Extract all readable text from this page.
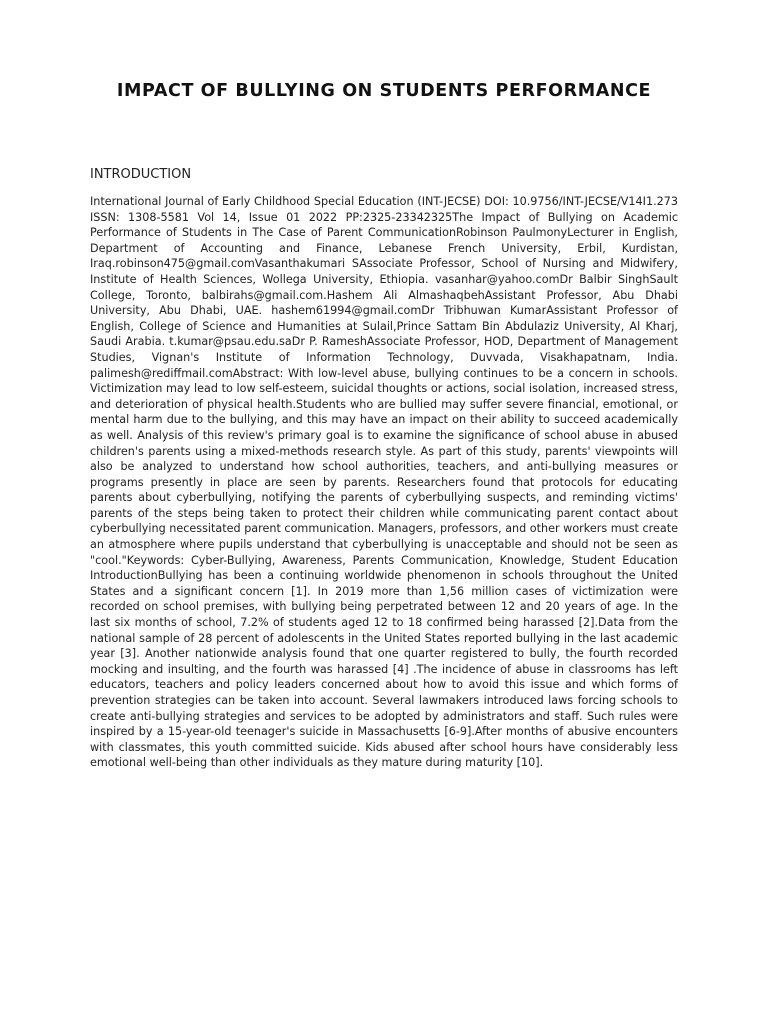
IMPACT OF BULLYING ON STUDENTS PERFORMANCE
INTRODUCTION

International Journal of Early Childhood Special Education (INT-JECSE) DOI: 10.9756/INT-JECSE/V14I1.273 ISSN: 1308-5581 Vol 14, Issue 01 2022 PP:2325-23342325The Impact of Bullying on Academic Performance of Students in The Case of Parent CommunicationRobinson PaulmonyLecturer in English, Department of Accounting and Finance, Lebanese French University, Erbil, Kurdistan, Iraq.robinson475@gmail.comVasanthakumari SAssociate Professor, School of Nursing and Midwifery, Institute of Health Sciences, Wollega University, Ethiopia. vasanhar@yahoo.comDr Balbir SinghSault College, Toronto, balbirahs@gmail.com.Hashem Ali AlmashaqbehAssistant Professor, Abu Dhabi University, Abu Dhabi, UAE. hashem61994@gmail.comDr Tribhuwan KumarAssistant Professor of English, College of Science and Humanities at Sulail,Prince Sattam Bin Abdulaziz University, Al Kharj, Saudi Arabia. t.kumar@psau.edu.saDr P. RameshAssociate Professor, HOD, Department of Management Studies, Vignan's Institute of Information Technology, Duvvada, Visakhapatnam, India. palimesh@rediffmail.comAbstract: With low-level abuse, bullying continues to be a concern in schools. Victimization may lead to low self-esteem, suicidal thoughts or actions, social isolation, increased stress, and deterioration of physical health.Students who are bullied may suffer severe financial, emotional, or mental harm due to the bullying, and this may have an impact on their ability to succeed academically as well. Analysis of this review's primary goal is to examine the significance of school abuse in abused children's parents using a mixed-methods research style. As part of this study, parents' viewpoints will also be analyzed to understand how school authorities, teachers, and anti-bullying measures or programs presently in place are seen by parents. Researchers found that protocols for educating parents about cyberbullying, notifying the parents of cyberbullying suspects, and reminding victims' parents of the steps being taken to protect their children while communicating parent contact about cyberbullying necessitated parent communication. Managers, professors, and other workers must create an atmosphere where pupils understand that cyberbullying is unacceptable and should not be seen as "cool."Keywords: Cyber-Bullying, Awareness, Parents Communication, Knowledge, Student Education IntroductionBullying has been a continuing worldwide phenomenon in schools throughout the United States and a significant concern [1]. In 2019 more than 1,56 million cases of victimization were recorded on school premises, with bullying being perpetrated between 12 and 20 years of age. In the last six months of school, 7.2% of students aged 12 to 18 confirmed being harassed [2].Data from the national sample of 28 percent of adolescents in the United States reported bullying in the last academic year [3]. Another nationwide analysis found that one quarter registered to bully, the fourth recorded mocking and insulting, and the fourth was harassed [4] .The incidence of abuse in classrooms has left educators, teachers and policy leaders concerned about how to avoid this issue and which forms of prevention strategies can be taken into account. Several lawmakers introduced laws forcing schools to create anti-bullying strategies and services to be adopted by administrators and staff. Such rules were inspired by a 15-year-old teenager's suicide in Massachusetts [6-9].After months of abusive encounters with classmates, this youth committed suicide. Kids abused after school hours have considerably less emotional well-being than other individuals as they mature during maturity [10].
